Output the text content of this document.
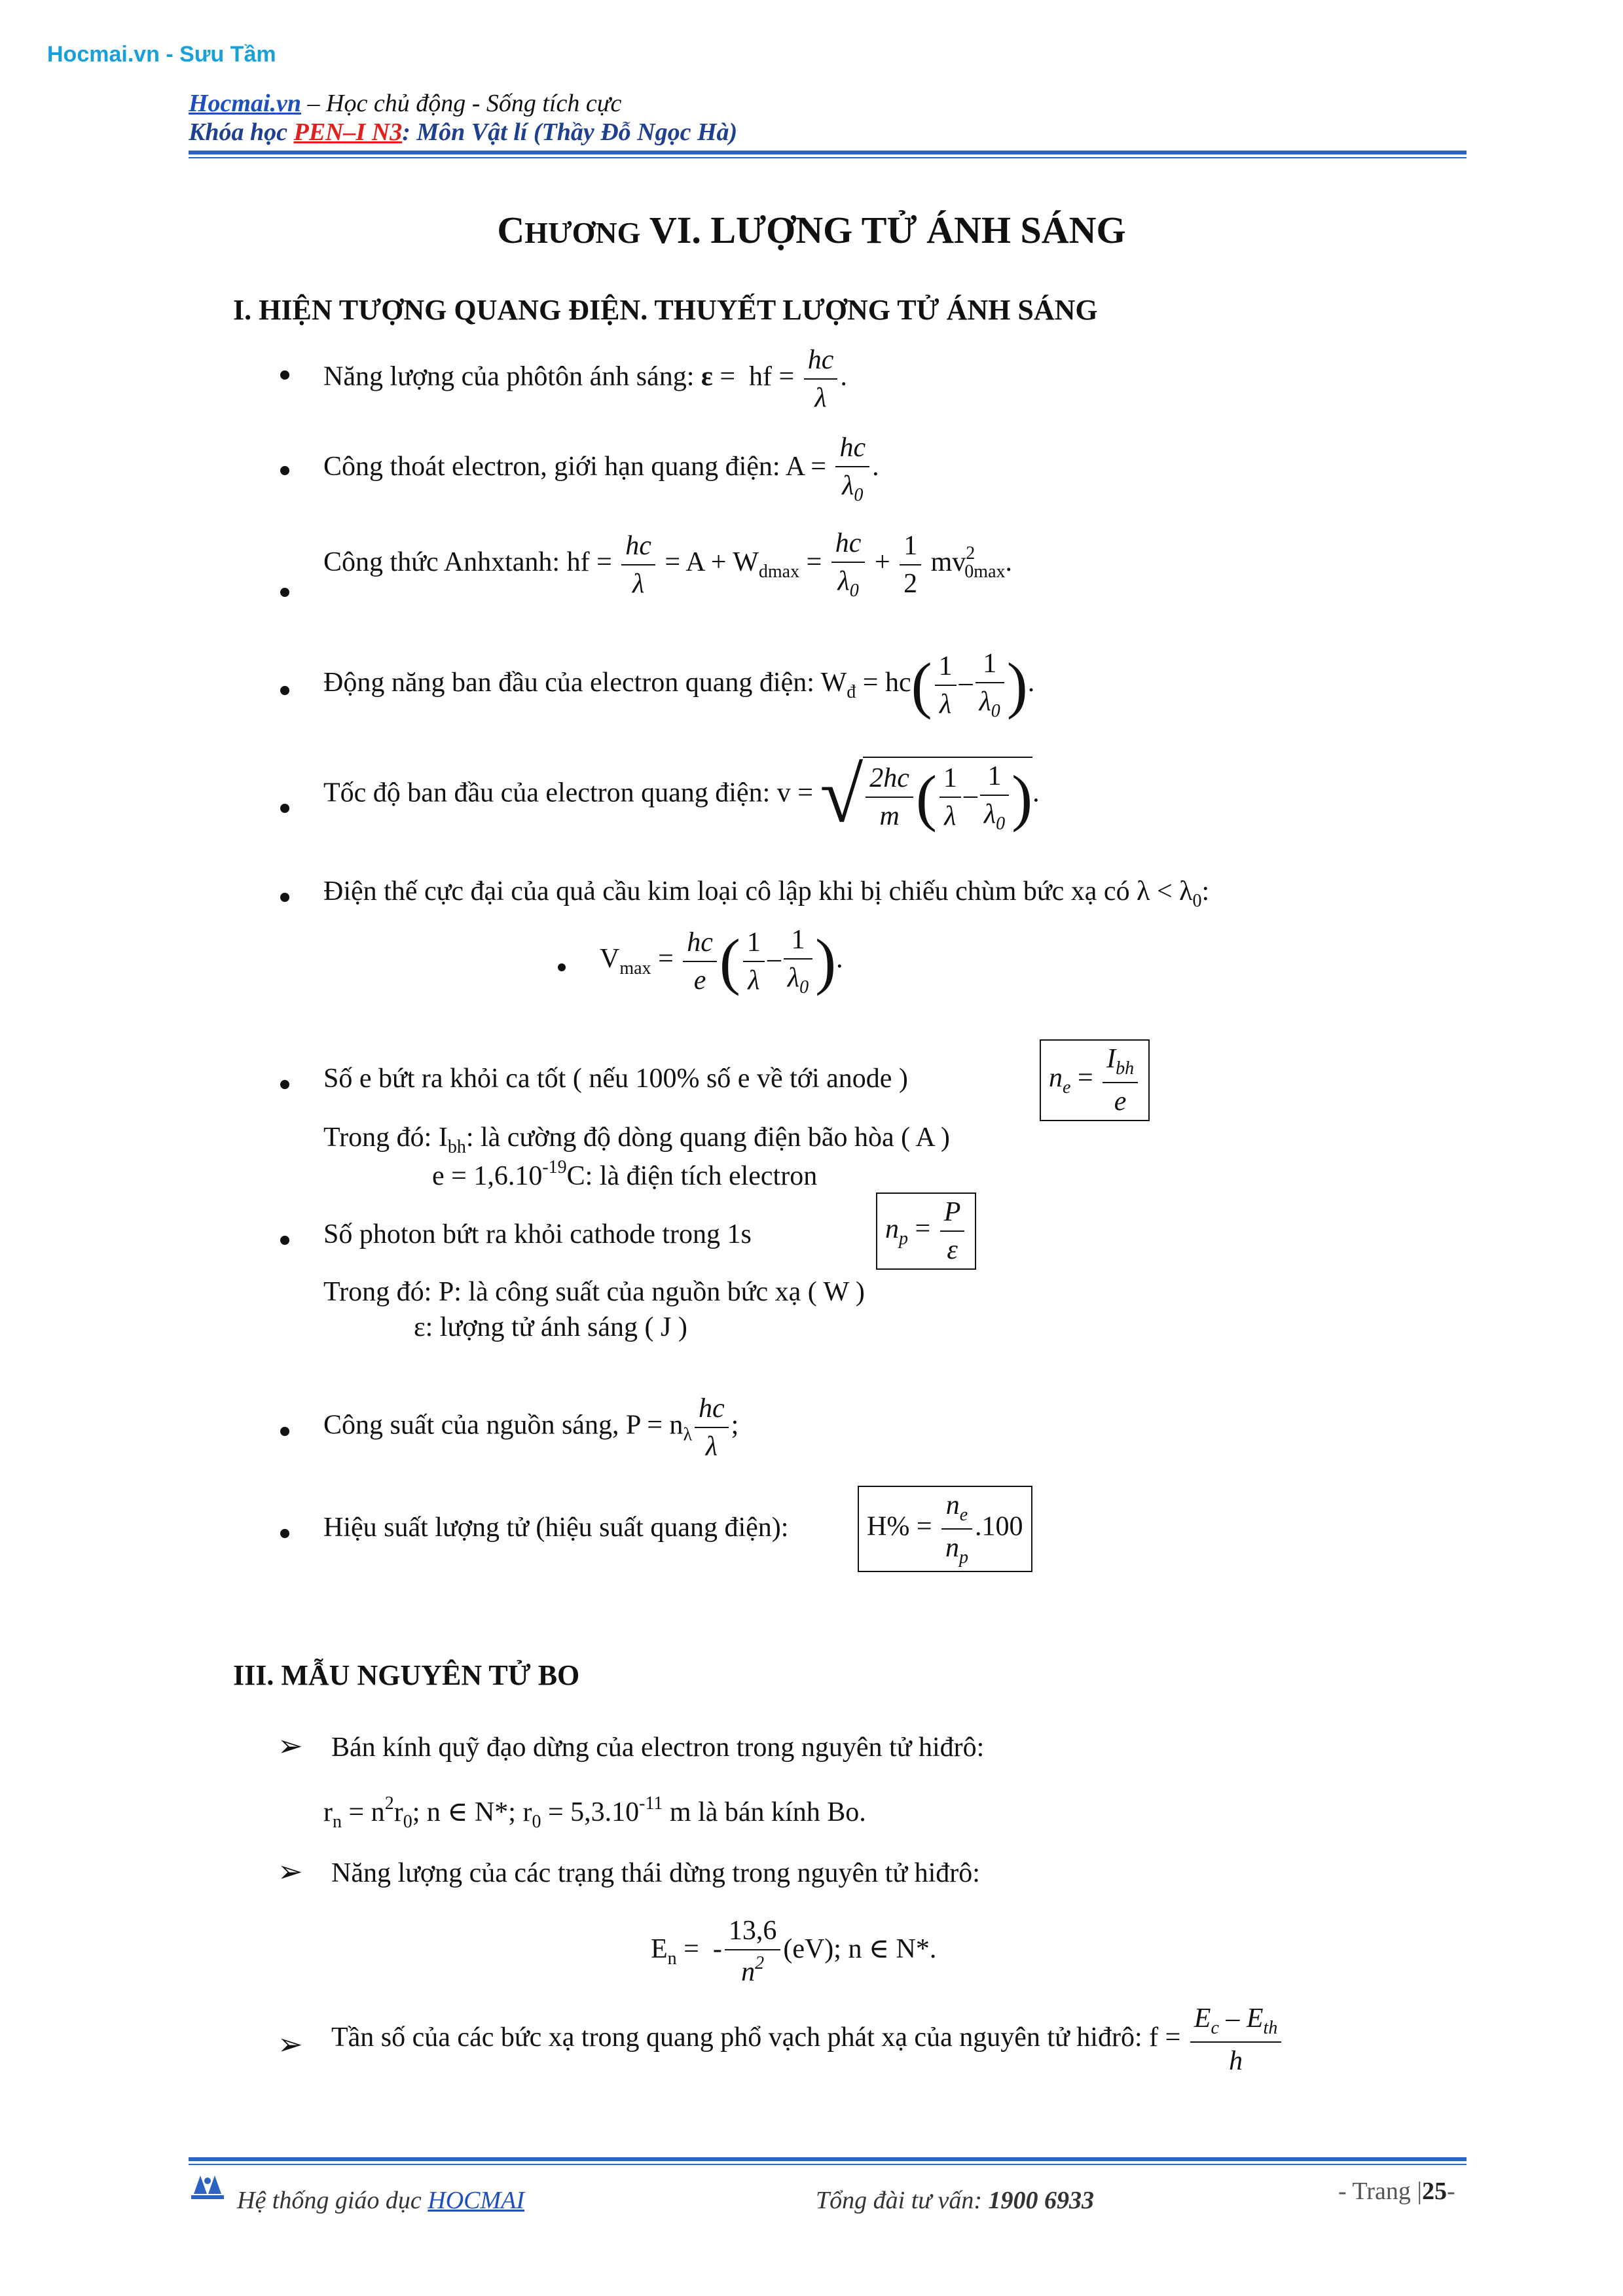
Hocmai.vn - Sưu Tầm
Hocmai.vn – Học chủ động - Sống tích cực
Khóa học PEN–I N3: Môn Vật lí (Thầy Đỗ Ngọc Hà)
CHƯƠNG VI. LƯỢNG TỬ ÁNH SÁNG
I. HIỆN TƯỢNG QUANG ĐIỆN. THUYẾT LƯỢNG TỬ ÁNH SÁNG
Năng lượng của phôtôn ánh sáng: ε =  hf = $\frac{hc}{\lambda}$ .
Công thoát electron, giới hạn quang điện: $A = \frac{hc}{\lambda_0}$ .
Công thức Anhxtanh: hf = $\frac{hc}{\lambda} = A + W_{dmax} = \frac{hc}{\lambda_0} + \frac{1}{2} mv^2_{0max}$.
Động năng ban đầu của electron quang điện: $W_đ = hc( \frac{1}{\lambda} - \frac{1}{\lambda_0}$ ).
Tốc độ ban đầu của electron quang điện: v = √ $\frac{2hc}{m}$ ( $\frac{1}{\lambda} - \frac{1}{\lambda_0}$ ).
Điện thế cực đại của quả cầu kim loại cô lập khi bị chiếu chùm bức xạ có $\lambda < \lambda_0$:
$V_{max} = \frac{hc}{e}$ ( $\frac{1}{\lambda} - \frac{1}{\lambda_0}$ ).
Số e bứt ra khỏi ca tốt ( nếu 100% số e về tới anode )	$n_e = \frac{I_{bh}}{e}$
Trong đó: $I_{bh}$: là cường độ dòng quang điện bão hòa ( A )
$e = 1,6.10^{-19}C$: là điện tích electron
Số photon bứt ra khỏi cathode trong 1s	$n_p = \frac{P}{\varepsilon}$
Trong đó: P: là công suất của nguồn bức xạ ( W )
ε: lượng tử ánh sáng ( J )
Công suất của nguồn sáng, $P = n_\lambda \frac{hc}{\lambda}$ ;
Hiệu suất lượng tử (hiệu suất quang điện):	$H\% = \frac{n_e}{n_p} .100$
III. MẪU NGUYÊN TỬ BO
➢ Bán kính quỹ đạo dừng của electron trong nguyên tử hiđrô:
$r_n = n^2r_0$; n ∈ N*; $r_0 = 5,3.10^{-11}$ m là bán kính Bo.
➢ Năng lượng của các trạng thái dừng trong nguyên tử hiđrô:
$E_n$ =  - $\frac{13,6}{n^2} (eV)$; n ∈ N*.
➢ Tần số của các bức xạ trong quang phổ vạch phát xạ của nguyên tử hiđrô: $f = \frac{E_c - E_{th}}{h}$
Hệ thống giáo dục HOCMAI	Tổng đài tư vấn: 1900 6933	- Trang |25-
